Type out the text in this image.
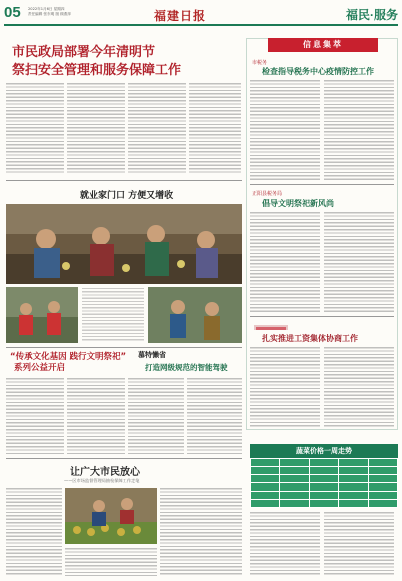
05 2022年1月6日 星期四
责任编辑 张东明 版 顾燕萍	福建日报	福民·服务
市民政局部署今年清明节
祭扫安全管理和服务保障工作
就业家门口 方便又增收
“传承文化基因 践行文明祭祀”
系列公益开启
慕特懒省
打造网级规范的智能驾驶
让广大市民放心
——区市场监督管理局抽检保障工作走笔
信息集萃
市税务
检查指导税务中心疫情防控工作
正阳县税务局
倡导文明祭祀新风尚
扎实推进工资集体协商工作
蔬菜价格一周走势
